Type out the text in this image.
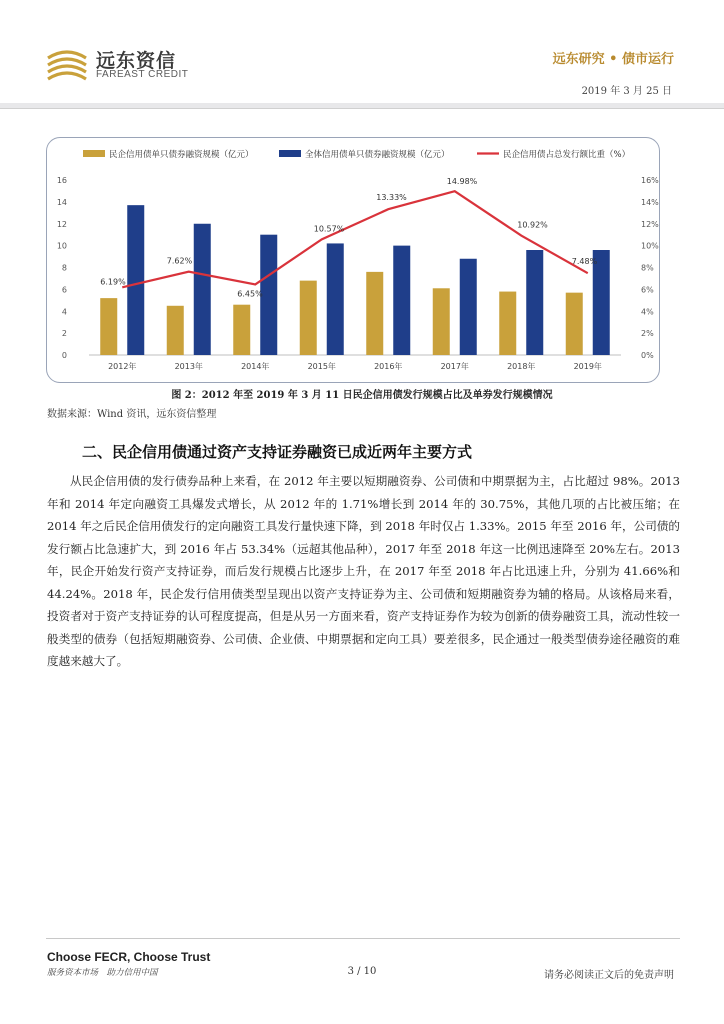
远东资信
FAREAST CREDIT
远东研究 • 债市运行
2019 年 3 月 25 日
0
2
4
6
8
10
12
14
16
0%
2%
4%
6%
8%
10%
12%
14%
16%
2012年	2013年	2014年	2015年	2016年	2017年	2018年	2019年
6.19%
7.62%
6.45%
10.57%
13.33%
14.98%
10.92%
7.48%
民企信用债单只债券融资规模（亿元）	全体信用债单只债券融资规模（亿元）	民企信用债占总发行额比重（%）
图 2：2012 年至 2019 年 3 月 11 日民企信用债发行规模占比及单券发行规模情况
数据来源：Wind 资讯，远东资信整理
二、民企信用债通过资产支持证券融资已成近两年主要方式

从民企信用债的发行债券品种上来看，在 2012 年主要以短期融资券、公司债和中期票据为主，占比超过 98%。2013 年和 2014 年定向融资工具爆发式增长，从 2012 年的 1.71%增长到 2014 年的 30.75%，其他几项的占比被压缩；在 2014 年之后民企信用债发行的定向融资工具发行量快速下降，到 2018 年时仅占 1.33%。2015 年至 2016 年，公司债的发行额占比急速扩大，到 2016 年占 53.34%（远超其他品种），2017 年至 2018 年这一比例迅速降至 20%左右。2013 年，民企开始发行资产支持证券，而后发行规模占比逐步上升，在 2017 年至 2018 年占比迅速上升，分别为 41.66%和 44.24%。2018 年，民企发行信用债类型呈现出以资产支持证券为主、公司债和短期融资券为辅的格局。从该格局来看，投资者对于资产支持证券的认可程度提高，但是从另一方面来看，资产支持证券作为较为创新的债券融资工具，流动性较一般类型的债券（包括短期融资券、公司债、企业债、中期票据和定向工具）要差很多，民企通过一般类型债券途径融资的难度越来越大了。

Choose FECR, Choose Trust
服务资本市场　助力信用中国	3 / 10	请务必阅读正文后的免责声明
